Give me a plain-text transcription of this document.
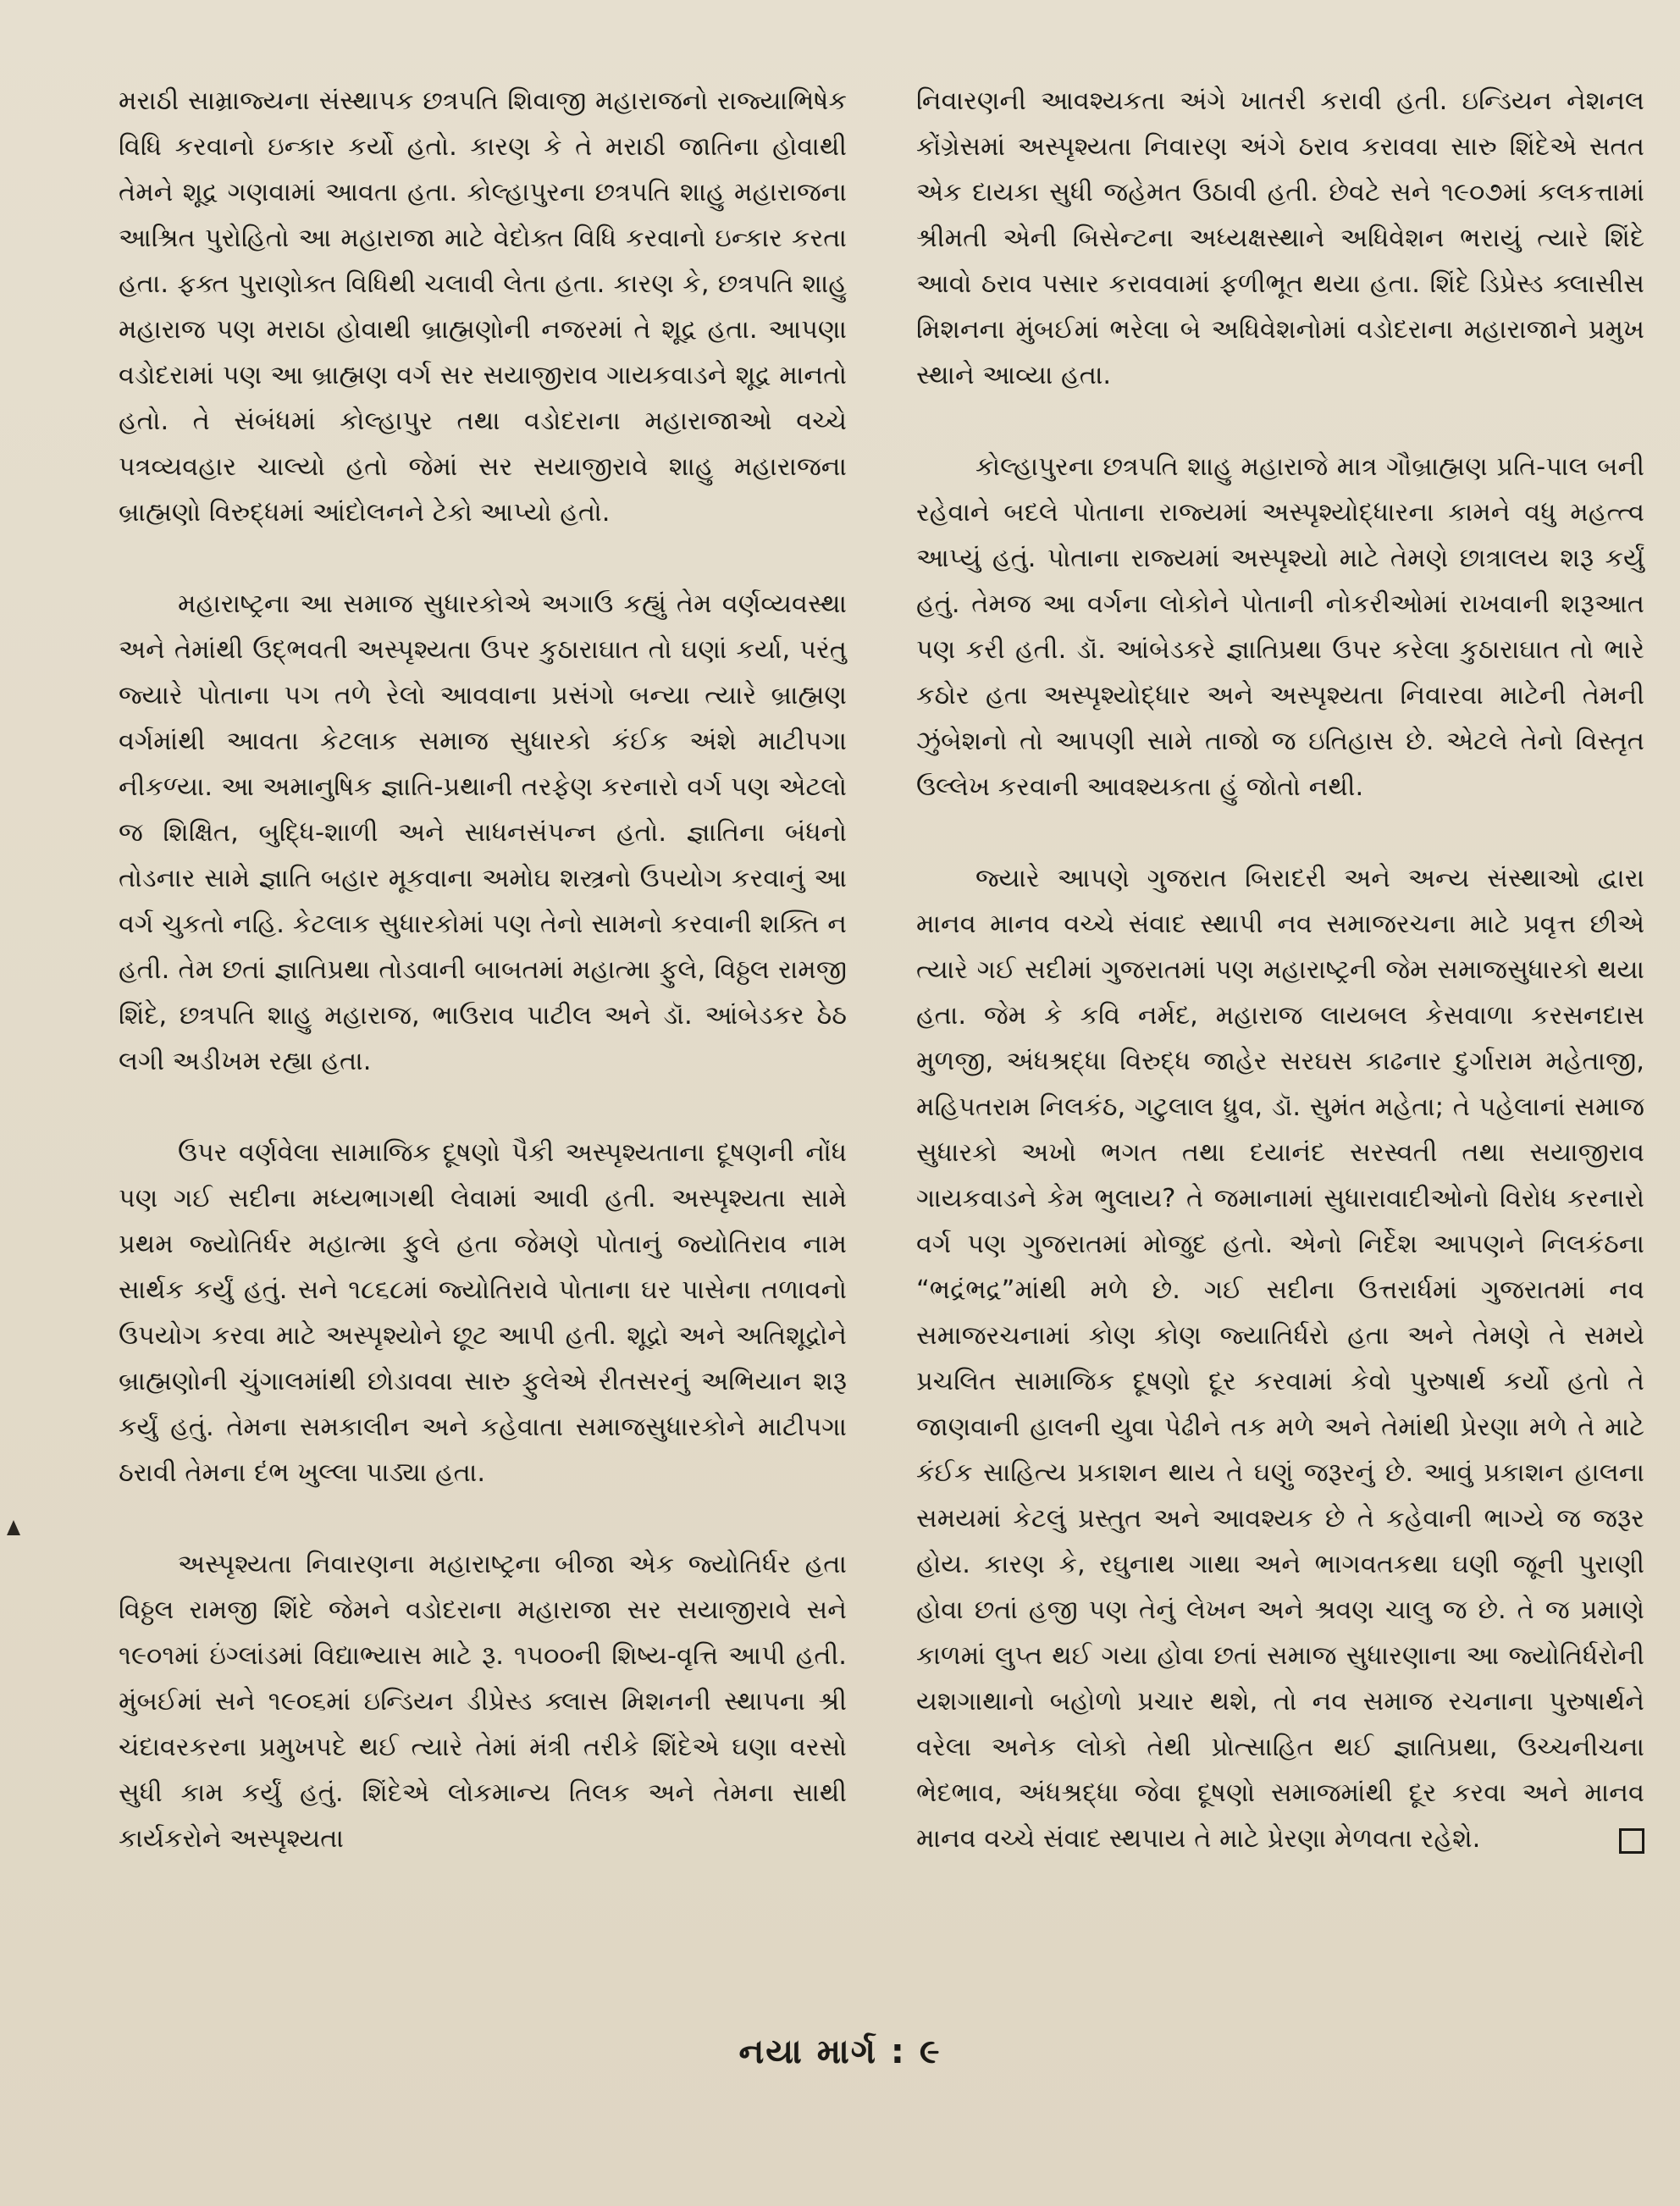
મરાઠી સામ્રાજ્યના સંસ્થાપક છત્રપતિ શિવાજી મહારાજનો રાજ્યાભિષેક વિધિ કરવાનો ઇન્કાર કર્યો હતો. કારણ કે તે મરાઠી જાતિના હોવાથી તેમને શૂદ્ર ગણવામાં આવતા હતા. કોલ્હાપુરના છત્રપતિ શાહુ મહારાજના આશ્રિત પુરોહિતો આ મહારાજા માટે વેદોક્ત વિધિ કરવાનો ઇન્કાર કરતા હતા. ફક્ત પુરાણોક્ત વિધિથી ચલાવી લેતા હતા. કારણ કે, છત્રપતિ શાહુ મહારાજ પણ મરાઠા હોવાથી બ્રાહ્મણોની નજરમાં તે શૂદ્ર હતા. આપણા વડોદરામાં પણ આ બ્રાહ્મણ વર્ગ સર સયાજીરાવ ગાયકવાડને શૂદ્ર માનતો હતો. તે સંબંધમાં કોલ્હાપુર તથા વડોદરાના મહારાજાઓ વચ્ચે પત્રવ્યવહાર ચાલ્યો હતો જેમાં સર સયાજીરાવે શાહુ મહારાજના બ્રાહ્મણો વિરુદ્ધમાં આંદોલનને ટેકો આપ્યો હતો.

મહારાષ્ટ્રના આ સમાજ સુધારકોએ અગાઉ કહ્યું તેમ વર્ણવ્યવસ્થા અને તેમાંથી ઉદ્ભવતી અસ્પૃશ્યતા ઉપર કુઠારાઘાત તો ઘણાં કર્યા, પરંતુ જ્યારે પોતાના પગ તળે રેલો આવવાના પ્રસંગો બન્યા ત્યારે બ્રાહ્મણ વર્ગમાંથી આવતા કેટલાક સમાજ સુધારકો કંઈક અંશે માટીપગા નીકળ્યા. આ અમાનુષિક જ્ઞાતિ-પ્રથાની તરફેણ કરનારો વર્ગ પણ એટલો જ શિક્ષિત, બુદ્ધિ-શાળી અને સાધનસંપન્ન હતો. જ્ઞાતિના બંધનો તોડનાર સામે જ્ઞાતિ બહાર મૂકવાના અમોઘ શસ્ત્રનો ઉપયોગ કરવાનું આ વર્ગ ચુકતો નહિ. કેટલાક સુધારકોમાં પણ તેનો સામનો કરવાની શક્તિ ન હતી. તેમ છતાં જ્ઞાતિપ્રથા તોડવાની બાબતમાં મહાત્મા ફુલે, વિઠ્ઠલ રામજી શિંદે, છત્રપતિ શાહુ મહારાજ, ભાઉરાવ પાટીલ અને ડૉ. આંબેડકર ઠેઠ લગી અડીખમ રહ્યા હતા.

ઉપર વર્ણવેલા સામાજિક દૂષણો પૈકી અસ્પૃશ્યતાના દૂષણની નોંધ પણ ગઈ સદીના મધ્યભાગથી લેવામાં આવી હતી. અસ્પૃશ્યતા સામે પ્રથમ જ્યોતિર્ધર મહાત્મા ફુલે હતા જેમણે પોતાનું જ્યોતિરાવ નામ સાર્થક કર્યું હતું. સને ૧૮૬૮માં જ્યોતિરાવે પોતાના ઘર પાસેના તળાવનો ઉપયોગ કરવા માટે અસ્પૃશ્યોને છૂટ આપી હતી. શૂદ્રો અને અતિશૂદ્રોને બ્રાહ્મણોની ચુંગાલમાંથી છોડાવવા સારુ ફુલેએ રીતસરનું અભિયાન શરૂ કર્યું હતું. તેમના સમકાલીન અને કહેવાતા સમાજસુધારકોને માટીપગા ઠરાવી તેમના દંભ ખુલ્લા પાડ્યા હતા.

અસ્પૃશ્યતા નિવારણના મહારાષ્ટ્રના બીજા એક જ્યોતિર્ધર હતા વિઠ્ઠલ રામજી શિંદે જેમને વડોદરાના મહારાજા સર સયાજીરાવે સને ૧૯૦૧માં ઇંગ્લાંડમાં વિદ્યાભ્યાસ માટે રૂ. ૧૫૦૦ની શિષ્ય-વૃત્તિ આપી હતી. મુંબઈમાં સને ૧૯૦૬માં ઇન્ડિયન ડીપ્રેસ્ડ ક્લાસ મિશનની સ્થાપના શ્રી ચંદાવરકરના પ્રમુખપદે થઈ ત્યારે તેમાં મંત્રી તરીકે શિંદેએ ઘણા વરસો સુધી કામ કર્યું હતું. શિંદેએ લોકમાન્ય તિલક અને તેમના સાથી કાર્યકરોને અસ્પૃશ્યતા

નિવારણની આવશ્યકતા અંગે ખાતરી કરાવી હતી. ઇન્ડિયન નેશનલ કોંગ્રેસમાં અસ્પૃશ્યતા નિવારણ અંગે ઠરાવ કરાવવા સારુ શિંદેએ સતત એક દાયકા સુધી જહેમત ઉઠાવી હતી. છેવટે સને ૧૯૦૭માં કલકત્તામાં શ્રીમતી એની બિસેન્ટના અધ્યક્ષસ્થાને અધિવેશન ભરાયું ત્યારે શિંદે આવો ઠરાવ પસાર કરાવવામાં ફળીભૂત થયા હતા. શિંદે ડિપ્રેસ્ડ ક્લાસીસ મિશનના મુંબઈમાં ભરેલા બે અધિવેશનોમાં વડોદરાના મહારાજાને પ્રમુખ સ્થાને આવ્યા હતા.

કોલ્હાપુરના છત્રપતિ શાહુ મહારાજે માત્ર ગૌબ્રાહ્મણ પ્રતિ-પાલ બની રહેવાને બદલે પોતાના રાજ્યમાં અસ્પૃશ્યોદ્ધારના કામને વધુ મહત્ત્વ આપ્યું હતું. પોતાના રાજ્યમાં અસ્પૃશ્યો માટે તેમણે છાત્રાલય શરૂ કર્યું હતું. તેમજ આ વર્ગના લોકોને પોતાની નોકરીઓમાં રાખવાની શરૂઆત પણ કરી હતી. ડૉ. આંબેડકરે જ્ઞાતિપ્રથા ઉપર કરેલા કુઠારાઘાત તો ભારે કઠોર હતા અસ્પૃશ્યોદ્ધાર અને અસ્પૃશ્યતા નિવારવા માટેની તેમની ઝુંબેશનો તો આપણી સામે તાજો જ ઇતિહાસ છે. એટલે તેનો વિસ્તૃત ઉલ્લેખ કરવાની આવશ્યકતા હું જોતો નથી.

જ્યારે આપણે ગુજરાત બિરાદરી અને અન્ય સંસ્થાઓ દ્વારા માનવ માનવ વચ્ચે સંવાદ સ્થાપી નવ સમાજરચના માટે પ્રવૃત્ત છીએ ત્યારે ગઈ સદીમાં ગુજરાતમાં પણ મહારાષ્ટ્રની જેમ સમાજસુધારકો થયા હતા. જેમ કે કવિ નર્મદ, મહારાજ લાયબલ કેસવાળા કરસનદાસ મુળજી, અંધશ્રદ્ધા વિરુદ્ધ જાહેર સરઘસ કાઢનાર દુર્ગારામ મહેતાજી, મહિપતરામ નિલકંઠ, ગટુલાલ ધ્રુવ, ડૉ. સુમંત મહેતા; તે પહેલાનાં સમાજ સુધારકો અખો ભગત તથા દયાનંદ સરસ્વતી તથા સયાજીરાવ ગાયકવાડને કેમ ભુલાય? તે જમાનામાં સુધારાવાદીઓનો વિરોધ કરનારો વર્ગ પણ ગુજરાતમાં મોજુદ હતો. એનો નિર્દેશ આપણને નિલકંઠના “ભદ્રંભદ્ર”માંથી મળે છે. ગઈ સદીના ઉત્તરાર્ધમાં ગુજરાતમાં નવ સમાજરચનામાં કોણ કોણ જ્યાતિર્ધરો હતા અને તેમણે તે સમયે પ્રચલિત સામાજિક દૂષણો દૂર કરવામાં કેવો પુરુષાર્થ કર્યો હતો તે જાણવાની હાલની યુવા પેઢીને તક મળે અને તેમાંથી પ્રેરણા મળે તે માટે કંઈક સાહિત્ય પ્રકાશન થાય તે ઘણું જરૂરનું છે. આવું પ્રકાશન હાલના સમયમાં કેટલું પ્રસ્તુત અને આવશ્યક છે તે કહેવાની ભાગ્યે જ જરૂર હોય. કારણ કે, રઘુનાથ ગાથા અને ભાગવતકથા ઘણી જૂની પુરાણી હોવા છતાં હજી પણ તેનું લેખન અને શ્રવણ ચાલુ જ છે. તે જ પ્રમાણે કાળમાં લુપ્ત થઈ ગયા હોવા છતાં સમાજ સુધારણાના આ જ્યોતિર્ધરોની યશગાથાનો બહોળો પ્રચાર થશે, તો નવ સમાજ રચનાના પુરુષાર્થને વરેલા અનેક લોકો તેથી પ્રોત્સાહિત થઈ જ્ઞાતિપ્રથા, ઉચ્ચનીચના ભેદભાવ, અંધશ્રદ્ધા જેવા દૂષણો સમાજમાંથી દૂર કરવા અને માનવ માનવ વચ્ચે સંવાદ સ્થપાય તે માટે પ્રેરણા મેળવતા રહેશે.

નયા માર્ગ : ૯
